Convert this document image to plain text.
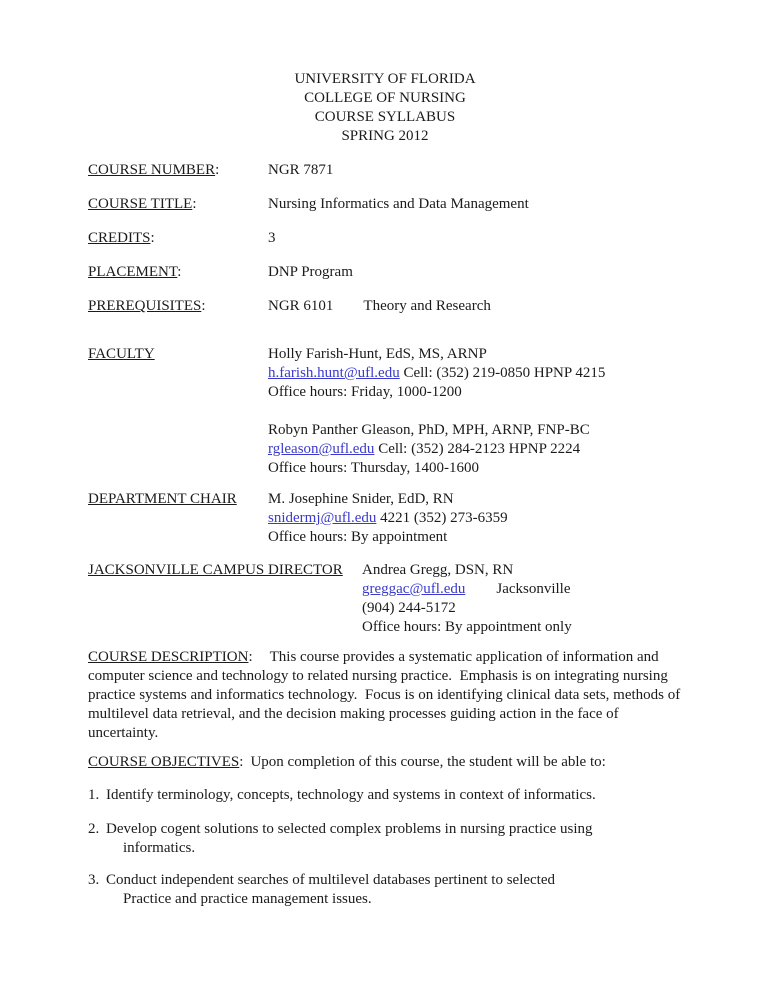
UNIVERSITY OF FLORIDA
COLLEGE OF NURSING
COURSE SYLLABUS
SPRING 2012
COURSE NUMBER:	NGR 7871
COURSE TITLE:	Nursing Informatics and Data Management
CREDITS:	3
PLACEMENT:	DNP Program
PREREQUISITES:	NGR 6101 Theory and Research
FACULTY	Holly Farish-Hunt, EdS, MS, ARNP
h.farish.hunt@ufl.edu Cell: (352) 219-0850 HPNP 4215
Office hours: Friday, 1000-1200
Robyn Panther Gleason, PhD, MPH, ARNP, FNP-BC
rgleason@ufl.edu Cell: (352) 284-2123 HPNP 2224
Office hours: Thursday, 1400-1600
DEPARTMENT CHAIR	M. Josephine Snider, EdD, RN
snidermj@ufl.edu 4221 (352) 273-6359
Office hours: By appointment
JACKSONVILLE CAMPUS DIRECTOR	Andrea Gregg, DSN, RN
greggac@ufl.edu Jacksonville
(904) 244-5172
Office hours: By appointment only

COURSE DESCRIPTION: This course provides a systematic application of information and computer science and technology to related nursing practice.  Emphasis is on integrating nursing practice systems and informatics technology.  Focus is on identifying clinical data sets, methods of multilevel data retrieval, and the decision making processes guiding action in the face of uncertainty.

COURSE OBJECTIVES: Upon completion of this course, the student will be able to:

1. Identify terminology, concepts, technology and systems in context of informatics.
2. Develop cogent solutions to selected complex problems in nursing practice using
informatics.
3. Conduct independent searches of multilevel databases pertinent to selected
Practice and practice management issues.
